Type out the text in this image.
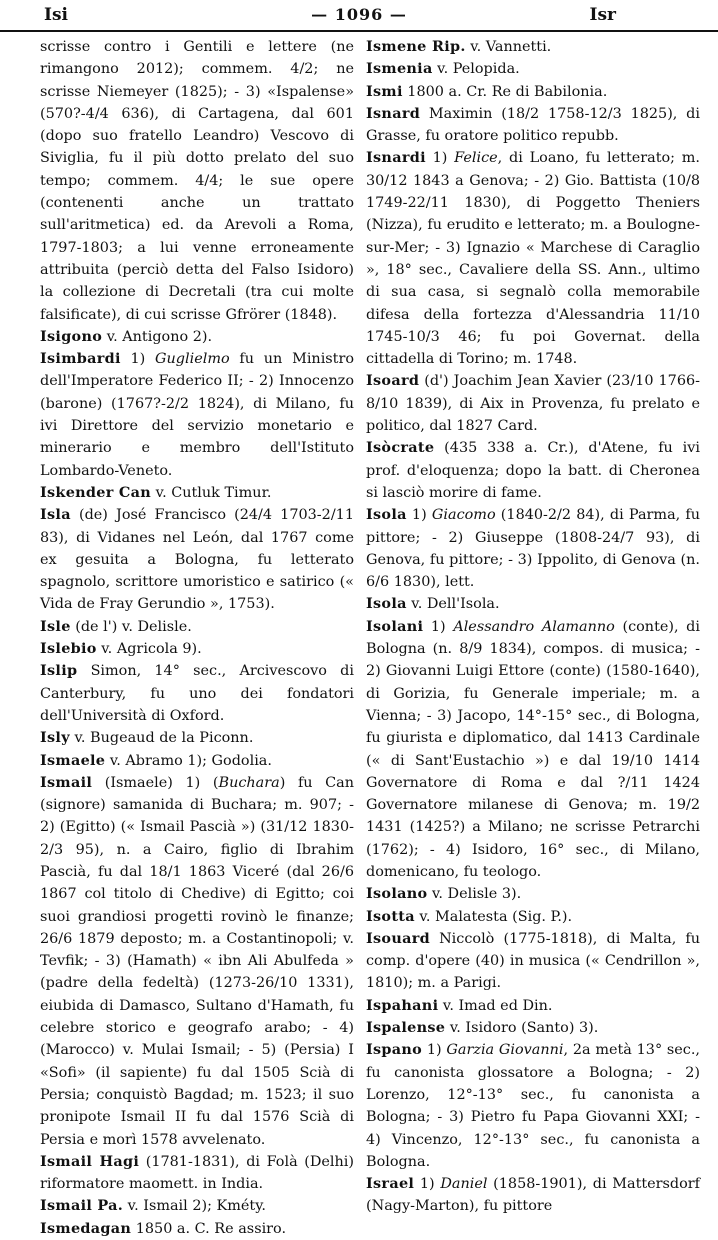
Isi	— 1096 —	Isr

scrisse contro i Gentili e lettere (ne rimangono 2012); commem. 4/2; ne scrisse Niemeyer (1825); - 3) «Ispalense» (570?-4/4 636), di Cartagena, dal 601 (dopo suo fratello Leandro) Vescovo di Siviglia, fu il più dotto prelato del suo tempo; commem. 4/4; le sue opere (contenenti anche un trattato sull'aritmetica) ed. da Arevoli a Roma, 1797-1803; a lui venne erroneamente attribuita (perciò detta del Falso Isidoro) la collezione di Decretali (tra cui molte falsificate), di cui scrisse Gfrörer (1848).

Isigono v. Antigono 2).

Isimbardi 1) Guglielmo fu un Ministro dell'Imperatore Federico II; - 2) Innocenzo (barone) (1767?-2/2 1824), di Milano, fu ivi Direttore del servizio monetario e minerario e membro dell'Istituto Lombardo-Veneto.

Iskender Can v. Cutluk Timur.

Isla (de) José Francisco (24/4 1703-2/11 83), di Vidanes nel León, dal 1767 come ex gesuita a Bologna, fu letterato spagnolo, scrittore umoristico e satirico (« Vida de Fray Gerundio », 1753).

Isle (de l') v. Delisle.

Islebio v. Agricola 9).

Islip Simon, 14° sec., Arcivescovo di Canterbury, fu uno dei fondatori dell'Università di Oxford.

Isly v. Bugeaud de la Piconn.

Ismaele v. Abramo 1); Godolia.

Ismail (Ismaele) 1) (Buchara) fu Can (signore) samanida di Buchara; m. 907; - 2) (Egitto) (« Ismail Pascià ») (31/12 1830-2/3 95), n. a Cairo, figlio di Ibrahim Pascià, fu dal 18/1 1863 Viceré (dal 26/6 1867 col titolo di Chedive) di Egitto; coi suoi grandiosi progetti rovinò le finanze; 26/6 1879 deposto; m. a Costantinopoli; v. Tevfik; - 3) (Hamath) « ibn Ali Abulfeda » (padre della fedeltà) (1273-26/10 1331), eiubida di Damasco, Sultano d'Hamath, fu celebre storico e geografo arabo; - 4) (Marocco) v. Mulai Ismail; - 5) (Persia) I «Sofi» (il sapiente) fu dal 1505 Scià di Persia; conquistò Bagdad; m. 1523; il suo pronipote Ismail II fu dal 1576 Scià di Persia e morì 1578 avvelenato.

Ismail Hagi (1781-1831), di Folà (Delhi) riformatore maomett. in India.

Ismail Pa. v. Ismail 2); Kméty.

Ismedagan 1850 a. C. Re assiro.

Ismene Rip. v. Vannetti.

Ismenia v. Pelopida.

Ismi 1800 a. Cr. Re di Babilonia.

Isnard Maximin (18/2 1758-12/3 1825), di Grasse, fu oratore politico repubb.

Isnardi 1) Felice, di Loano, fu letterato; m. 30/12 1843 a Genova; - 2) Gio. Battista (10/8 1749-22/11 1830), di Poggetto Theniers (Nizza), fu erudito e letterato; m. a Boulogne-sur-Mer; - 3) Ignazio « Marchese di Caraglio », 18° sec., Cavaliere della SS. Ann., ultimo di sua casa, si segnalò colla memorabile difesa della fortezza d'Alessandria 11/10 1745-10/3 46; fu poi Governat. della cittadella di Torino; m. 1748.

Isoard (d') Joachim Jean Xavier (23/10 1766-8/10 1839), di Aix in Provenza, fu prelato e politico, dal 1827 Card.

Isòcrate (435 338 a. Cr.), d'Atene, fu ivi prof. d'eloquenza; dopo la batt. di Cheronea si lasciò morire di fame.

Isola 1) Giacomo (1840-2/2 84), di Parma, fu pittore; - 2) Giuseppe (1808-24/7 93), di Genova, fu pittore; - 3) Ippolito, di Genova (n. 6/6 1830), lett.

Isola v. Dell'Isola.

Isolani 1) Alessandro Alamanno (conte), di Bologna (n. 8/9 1834), compos. di musica; - 2) Giovanni Luigi Ettore (conte) (1580-1640), di Gorizia, fu Generale imperiale; m. a Vienna; - 3) Jacopo, 14°-15° sec., di Bologna, fu giurista e diplomatico, dal 1413 Cardinale (« di Sant'Eustachio ») e dal 19/10 1414 Governatore di Roma e dal ?/11 1424 Governatore milanese di Genova; m. 19/2 1431 (1425?) a Milano; ne scrisse Petrarchi (1762); - 4) Isidoro, 16° sec., di Milano, domenicano, fu teologo.

Isolano v. Delisle 3).

Isotta v. Malatesta (Sig. P.).

Isouard Niccolò (1775-1818), di Malta, fu comp. d'opere (40) in musica (« Cendrillon », 1810); m. a Parigi.

Ispahani v. Imad ed Din.

Ispalense v. Isidoro (Santo) 3).

Ispano 1) Garzia Giovanni, 2a metà 13° sec., fu canonista glossatore a Bologna; - 2) Lorenzo, 12°-13° sec., fu canonista a Bologna; - 3) Pietro fu Papa Giovanni XXI; - 4) Vincenzo, 12°-13° sec., fu canonista a Bologna.

Israel 1) Daniel (1858-1901), di Mattersdorf (Nagy-Marton), fu pittore
